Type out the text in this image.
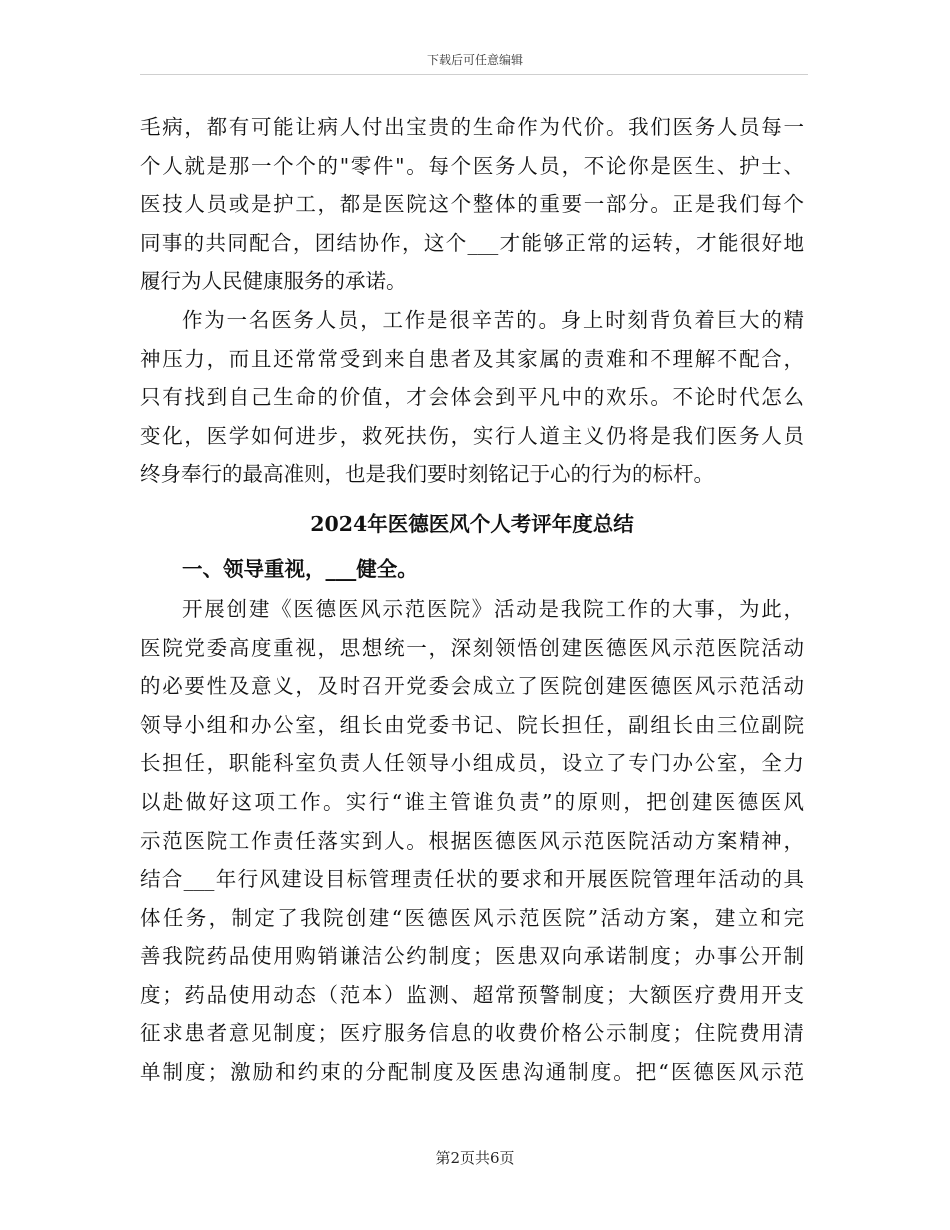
下载后可任意编辑
毛病，都有可能让病人付出宝贵的生命作为代价。我们医务人员每一
个人就是那一个个的"零件"。每个医务人员，不论你是医生、护士、
医技人员或是护工，都是医院这个整体的重要一部分。正是我们每个
同事的共同配合，团结协作，这个___才能够正常的运转，才能很好地
履行为人民健康服务的承诺。
作为一名医务人员，工作是很辛苦的。身上时刻背负着巨大的精
神压力，而且还常常受到来自患者及其家属的责难和不理解不配合，
只有找到自己生命的价值，才会体会到平凡中的欢乐。不论时代怎么
变化，医学如何进步，救死扶伤，实行人道主义仍将是我们医务人员
终身奉行的最高准则，也是我们要时刻铭记于心的行为的标杆。
2024年医德医风个人考评年度总结
一、领导重视，___健全。
开展创建《医德医风示范医院》活动是我院工作的大事，为此，
医院党委高度重视，思想统一，深刻领悟创建医德医风示范医院活动
的必要性及意义，及时召开党委会成立了医院创建医德医风示范活动
领导小组和办公室，组长由党委书记、院长担任，副组长由三位副院
长担任，职能科室负责人任领导小组成员，设立了专门办公室，全力
以赴做好这项工作。实行“谁主管谁负责”的原则，把创建医德医风
示范医院工作责任落实到人。根据医德医风示范医院活动方案精神，
结合___年行风建设目标管理责任状的要求和开展医院管理年活动的具
体任务，制定了我院创建“医德医风示范医院”活动方案，建立和完
善我院药品使用购销谦洁公约制度；医患双向承诺制度；办事公开制
度；药品使用动态（范本）监测、超常预警制度；大额医疗费用开支
征求患者意见制度；医疗服务信息的收费价格公示制度；住院费用清
单制度；激励和约束的分配制度及医患沟通制度。把“医德医风示范
第2页共6页
